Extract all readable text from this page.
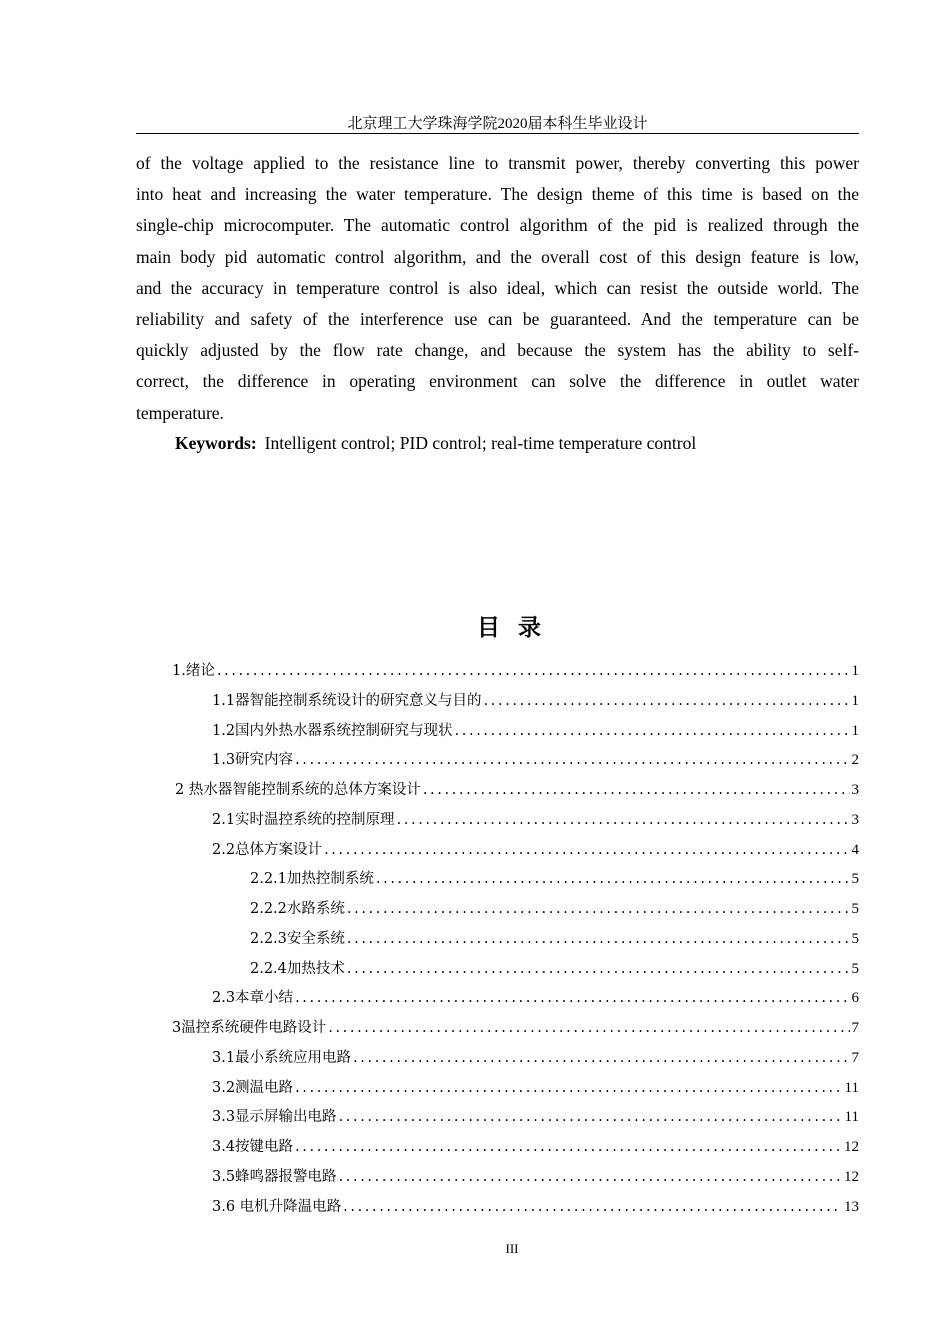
北京理工大学珠海学院2020届本科生毕业设计
of the voltage applied to the resistance line to transmit power, thereby converting this power
into heat and increasing the water temperature. The design theme of this time is based on the
single-chip microcomputer. The automatic control algorithm of the pid is realized through the
main body pid automatic control algorithm, and the overall cost of this design feature is low,
and the accuracy in temperature control is also ideal, which can resist the outside world. The
reliability and safety of the interference use can be guaranteed. And the temperature can be
quickly adjusted by the flow rate change, and because the system has the ability to self-
correct, the difference in operating environment can solve the difference in outlet water
temperature.
Keywords: Intelligent control; PID control; real-time temperature control
目录
1.绪论 .....	1
1.1器智能控制系统设计的研究意义与目的 .....	1
1.2国内外热水器系统控制研究与现状 .....	1
1.3研究内容 .....	2
2 热水器智能控制系统的总体方案设计 .....	3
2.1实时温控系统的控制原理 .....	3
2.2总体方案设计 .....	4
2.2.1加热控制系统 .....	5
2.2.2水路系统 .....	5
2.2.3安全系统 .....	5
2.2.4加热技术 .....	5
2.3本章小结 .....	6
3温控系统硬件电路设计 .....	7
3.1最小系统应用电路 .....	7
3.2测温电路 .....	11
3.3显示屏输出电路 .....	11
3.4按键电路 .....	12
3.5蜂鸣器报警电路 .....	12
3.6 电机升降温电路 .....	13
III
